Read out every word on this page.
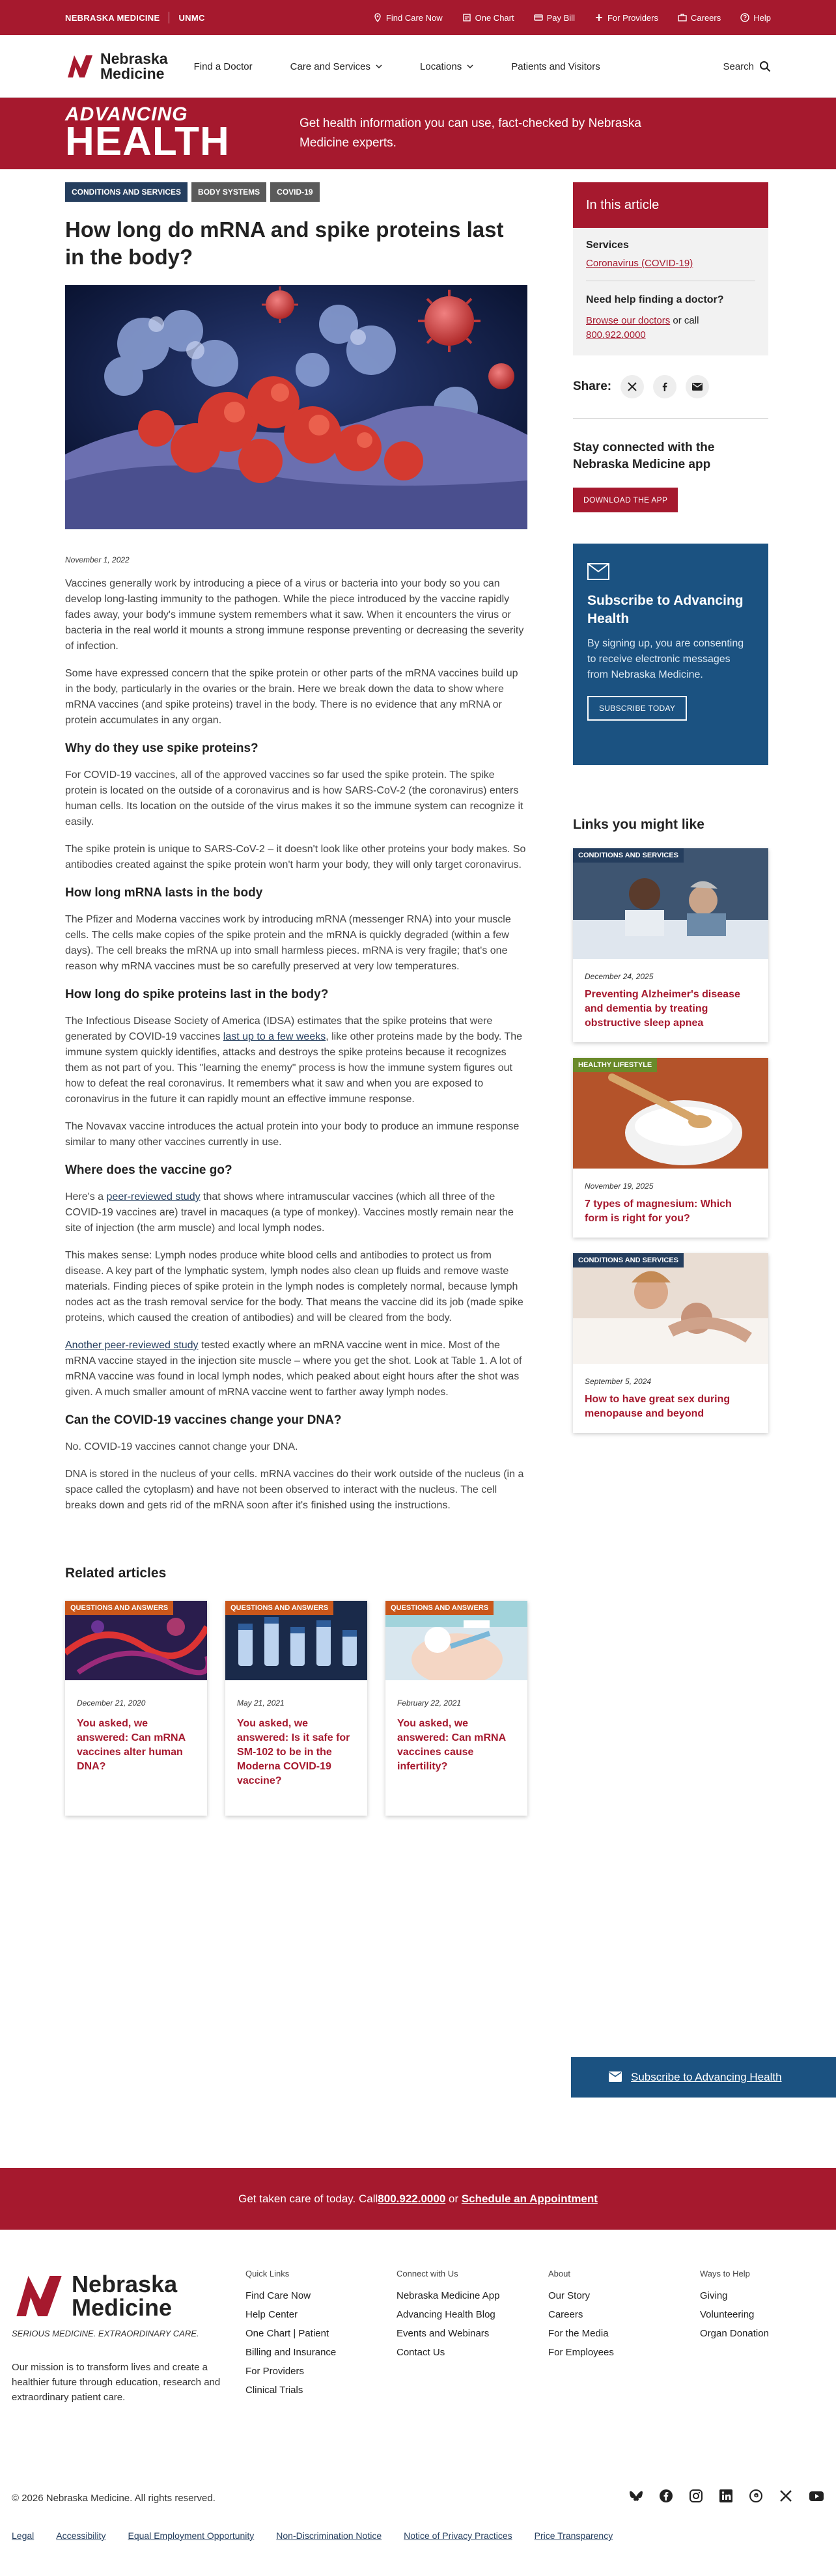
NEBRASKA MEDICINE UNMC	Find Care Now	One Chart	Pay Bill	For Providers	Careers	Help
Nebraska
Medicine	Find a Doctor	Care and Services	Locations	Patients and Visitors	Search
ADVANCING
HEALTH	Get health information you can use, fact-checked by Nebraska Medicine experts.
CONDITIONS AND SERVICES	BODY SYSTEMS	COVID-19
How long do mRNA and spike proteins last in the body?
November 1, 2022

Vaccines generally work by introducing a piece of a virus or bacteria into your body so you can develop long-lasting immunity to the pathogen. While the piece introduced by the vaccine rapidly fades away, your body's immune system remembers what it saw. When it encounters the virus or bacteria in the real world it mounts a strong immune response preventing or decreasing the severity of infection.

Some have expressed concern that the spike protein or other parts of the mRNA vaccines build up in the body, particularly in the ovaries or the brain. Here we break down the data to show where mRNA vaccines (and spike proteins) travel in the body. There is no evidence that any mRNA or protein accumulates in any organ.

Why do they use spike proteins?

For COVID-19 vaccines, all of the approved vaccines so far used the spike protein. The spike protein is located on the outside of a coronavirus and is how SARS-CoV-2 (the coronavirus) enters human cells. Its location on the outside of the virus makes it so the immune system can recognize it easily.

The spike protein is unique to SARS-CoV-2 – it doesn't look like other proteins your body makes. So antibodies created against the spike protein won't harm your body, they will only target coronavirus.

How long mRNA lasts in the body

The Pfizer and Moderna vaccines work by introducing mRNA (messenger RNA) into your muscle cells. The cells make copies of the spike protein and the mRNA is quickly degraded (within a few days). The cell breaks the mRNA up into small harmless pieces. mRNA is very fragile; that's one reason why mRNA vaccines must be so carefully preserved at very low temperatures.

How long do spike proteins last in the body?

The Infectious Disease Society of America (IDSA) estimates that the spike proteins that were generated by COVID-19 vaccines last up to a few weeks, like other proteins made by the body. The immune system quickly identifies, attacks and destroys the spike proteins because it recognizes them as not part of you. This "learning the enemy" process is how the immune system figures out how to defeat the real coronavirus. It remembers what it saw and when you are exposed to coronavirus in the future it can rapidly mount an effective immune response.

The Novavax vaccine introduces the actual protein into your body to produce an immune response similar to many other vaccines currently in use.

Where does the vaccine go?

Here's a peer-reviewed study that shows where intramuscular vaccines (which all three of the COVID-19 vaccines are) travel in macaques (a type of monkey). Vaccines mostly remain near the site of injection (the arm muscle) and local lymph nodes.

This makes sense: Lymph nodes produce white blood cells and antibodies to protect us from disease. A key part of the lymphatic system, lymph nodes also clean up fluids and remove waste materials. Finding pieces of spike protein in the lymph nodes is completely normal, because lymph nodes act as the trash removal service for the body. That means the vaccine did its job (made spike proteins, which caused the creation of antibodies) and will be cleared from the body.

Another peer-reviewed study tested exactly where an mRNA vaccine went in mice. Most of the mRNA vaccine stayed in the injection site muscle – where you get the shot. Look at Table 1. A lot of mRNA vaccine was found in local lymph nodes, which peaked about eight hours after the shot was given. A much smaller amount of mRNA vaccine went to farther away lymph nodes.

Can the COVID-19 vaccines change your DNA?

No. COVID-19 vaccines cannot change your DNA.

DNA is stored in the nucleus of your cells. mRNA vaccines do their work outside of the nucleus (in a space called the cytoplasm) and have not been observed to interact with the nucleus. The cell breaks down and gets rid of the mRNA soon after it's finished using the instructions.

Related articles
QUESTIONS AND ANSWERS
December 21, 2020
You asked, we answered: Can mRNA vaccines alter human DNA?
QUESTIONS AND ANSWERS
May 21, 2021
You asked, we answered: Is it safe for SM-102 to be in the Moderna COVID-19 vaccine?
QUESTIONS AND ANSWERS
February 22, 2021
You asked, we answered: Can mRNA vaccines cause infertility?
In this article
Services
Coronavirus (COVID-19)
Need help finding a doctor?
Browse our doctors or call
800.922.0000
Share:
Stay connected with the Nebraska Medicine app
DOWNLOAD THE APP
Subscribe to Advancing Health
By signing up, you are consenting to receive electronic messages from Nebraska Medicine.
SUBSCRIBE TODAY
Links you might like
CONDITIONS AND SERVICES
December 24, 2025
Preventing Alzheimer's disease and dementia by treating obstructive sleep apnea
HEALTHY LIFESTYLE
November 19, 2025
7 types of magnesium: Which form is right for you?
CONDITIONS AND SERVICES
September 5, 2024
How to have great sex during menopause and beyond
Subscribe to Advancing Health
Get taken care of today. Call 800.922.0000 or Schedule an Appointment
Nebraska
Medicine
SERIOUS MEDICINE. EXTRAORDINARY CARE.
Our mission is to transform lives and create a healthier future through education, research and extraordinary patient care.
Quick Links
Find Care Now
Help Center
One Chart | Patient
Billing and Insurance
For Providers
Clinical Trials
Connect with Us
Nebraska Medicine App
Advancing Health Blog
Events and Webinars
Contact Us
About
Our Story
Careers
For the Media
For Employees
Ways to Help
Giving
Volunteering
Organ Donation
© 2026 Nebraska Medicine. All rights reserved.
Legal Accessibility Equal Employment Opportunity Non-Discrimination Notice Notice of Privacy Practices Price Transparency
